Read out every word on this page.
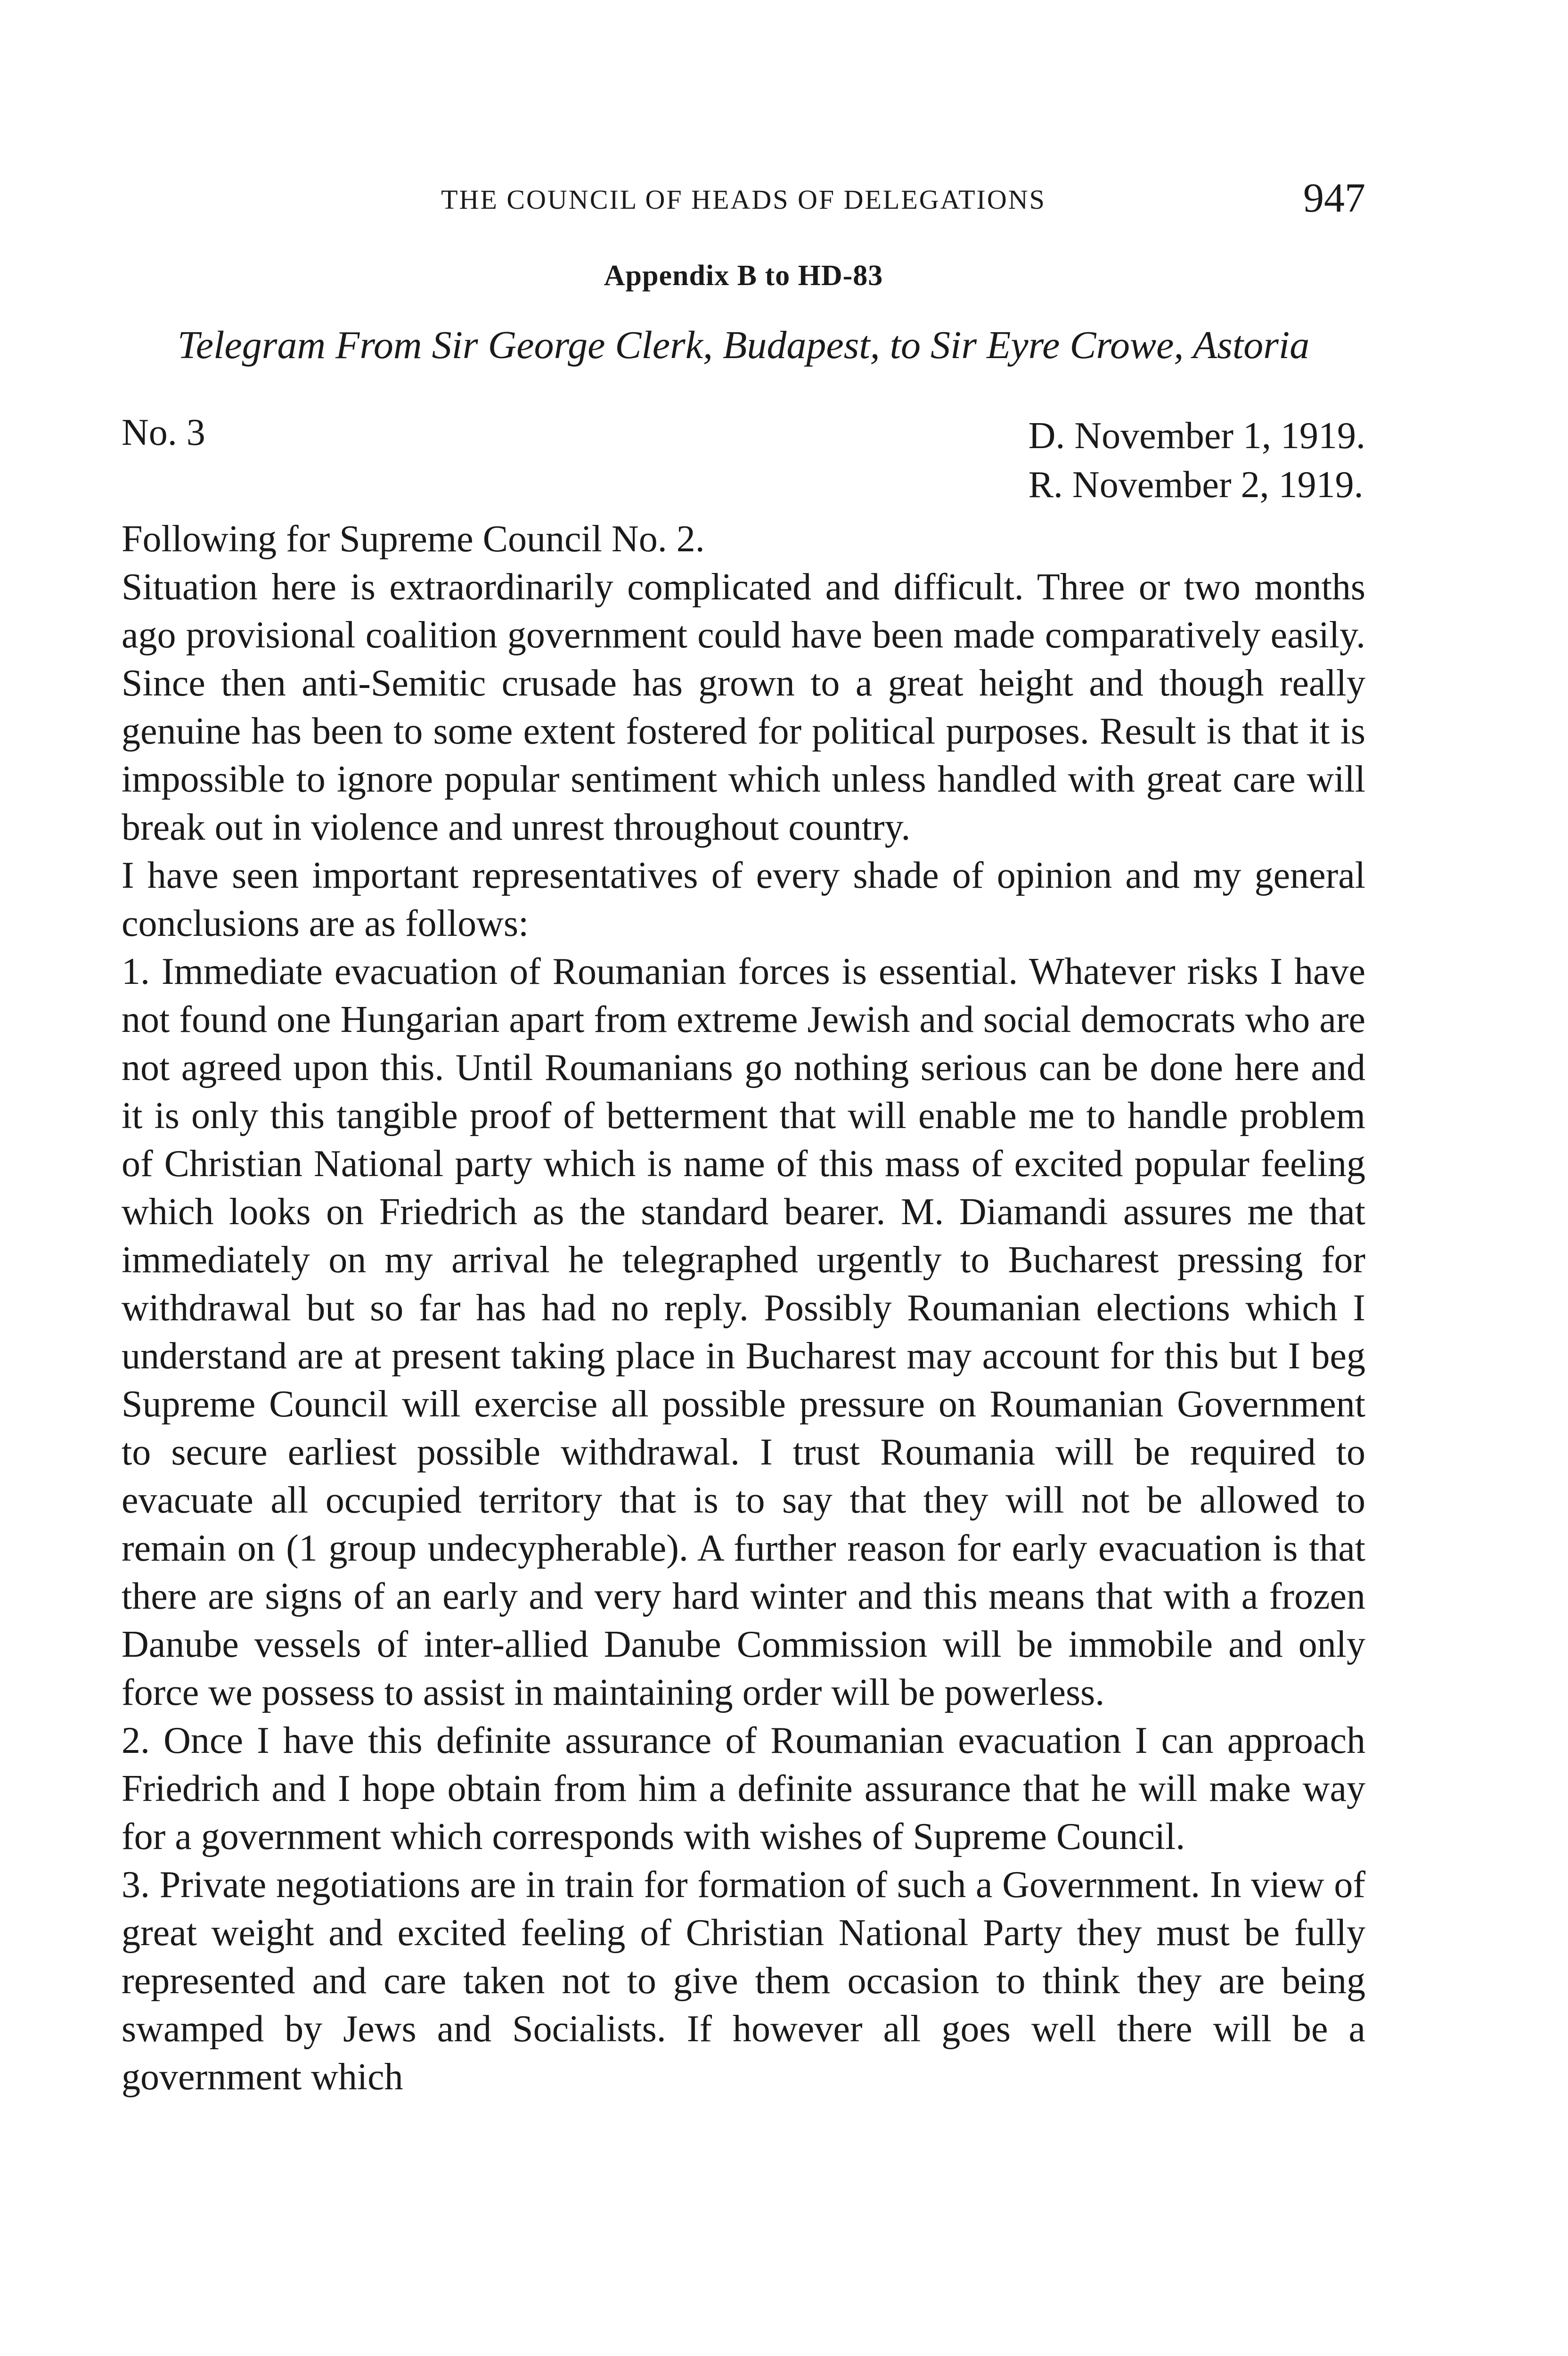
THE COUNCIL OF HEADS OF DELEGATIONS	947
Appendix B to HD-83
Telegram From Sir George Clerk, Budapest, to Sir Eyre Crowe, Astoria
No. 3	D. November 1, 1919.
R. November 2, 1919.

Following for Supreme Council No. 2.

Situation here is extraordinarily complicated and difficult. Three or two months ago provisional coalition government could have been made comparatively easily. Since then anti-Semitic crusade has grown to a great height and though really genuine has been to some extent fostered for political purposes. Result is that it is impossible to ignore popular sentiment which unless handled with great care will break out in violence and unrest throughout country.

I have seen important representatives of every shade of opinion and my general conclusions are as follows:

1. Immediate evacuation of Roumanian forces is essential. Whatever risks I have not found one Hungarian apart from extreme Jewish and social democrats who are not agreed upon this. Until Roumanians go nothing serious can be done here and it is only this tangible proof of betterment that will enable me to handle problem of Christian National party which is name of this mass of excited popular feeling which looks on Friedrich as the standard bearer. M. Diamandi assures me that immediately on my arrival he telegraphed urgently to Bucharest pressing for withdrawal but so far has had no reply. Possibly Roumanian elections which I understand are at present taking place in Bucharest may account for this but I beg Supreme Council will exercise all possible pressure on Roumanian Government to secure earliest possible withdrawal. I trust Roumania will be required to evacuate all occupied territory that is to say that they will not be allowed to remain on (1 group undecypherable). A further reason for early evacuation is that there are signs of an early and very hard winter and this means that with a frozen Danube vessels of inter-allied Danube Commission will be immobile and only force we possess to assist in maintaining order will be powerless.

2. Once I have this definite assurance of Roumanian evacuation I can approach Friedrich and I hope obtain from him a definite assurance that he will make way for a government which corresponds with wishes of Supreme Council.

3. Private negotiations are in train for formation of such a Government. In view of great weight and excited feeling of Christian National Party they must be fully represented and care taken not to give them occasion to think they are being swamped by Jews and Socialists. If however all goes well there will be a government which
